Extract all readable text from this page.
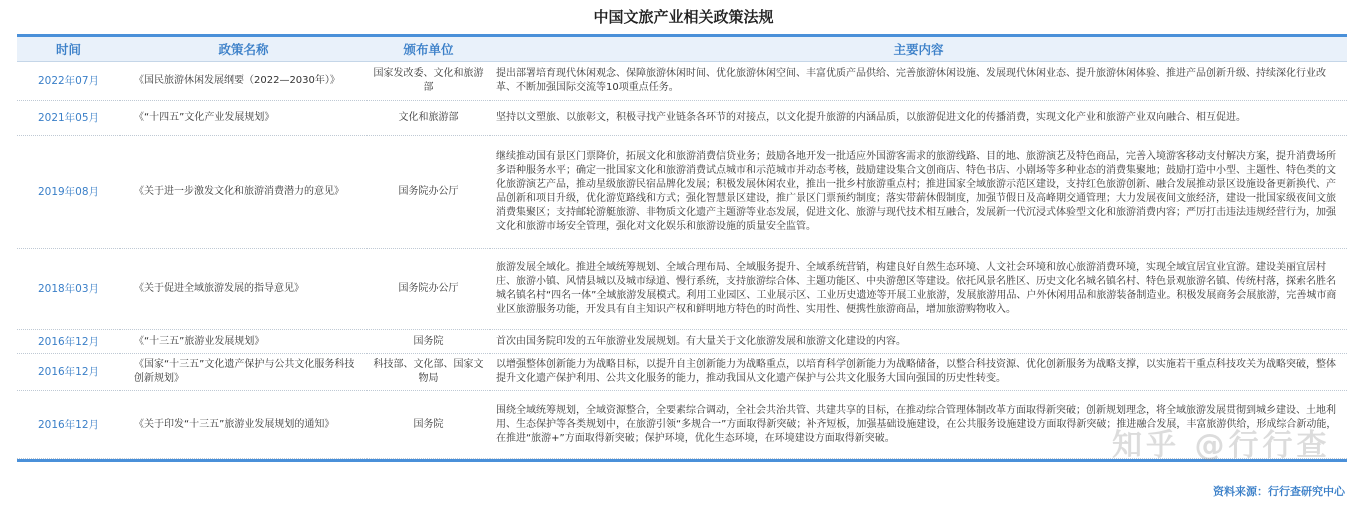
中国文旅产业相关政策法规
时间	政策名称	颁布单位	主要内容
2022年07月	《国民旅游休闲发展纲要（2022—2030年）》	国家发改委、文化和旅游部	提出部署培育现代休闲观念、保障旅游休闲时间、优化旅游休闲空间、丰富优质产品供给、完善旅游休闲设施、发展现代休闲业态、提升旅游休闲体验、推进产品创新升级、持续深化行业改革、不断加强国际交流等10项重点任务。
2021年05月	《“十四五”文化产业发展规划》	文化和旅游部	坚持以文塑旅、以旅彰文，积极寻找产业链条各环节的对接点，以文化提升旅游的内涵品质，以旅游促进文化的传播消费，实现文化产业和旅游产业双向融合、相互促进。
2019年08月	《关于进一步激发文化和旅游消费潜力的意见》	国务院办公厅	继续推动国有景区门票降价，拓展文化和旅游消费信贷业务；鼓励各地开发一批适应外国游客需求的旅游线路、目的地、旅游演艺及特色商品，完善入境游客移动支付解决方案，提升消费场所多语种服务水平；确定一批国家文化和旅游消费试点城市和示范城市并动态考核，鼓励建设集合文创商店、特色书店、小剧场等多种业态的消费集聚地；鼓励打造中小型、主题性、特色类的文化旅游演艺产品，推动星级旅游民宿品牌化发展；积极发展休闲农业，推出一批乡村旅游重点村；推进国家全域旅游示范区建设，支持红色旅游创新、融合发展推动景区设施设备更新换代、产品创新和项目升级，优化游览路线和方式；强化智慧景区建设，推广景区门票预约制度；落实带薪休假制度，加强节假日及高峰期交通管理；大力发展夜间文旅经济，建设一批国家级夜间文旅消费集聚区；支持邮轮游艇旅游、非物质文化遗产主题游等业态发展，促进文化、旅游与现代技术相互融合，发展新一代沉浸式体验型文化和旅游消费内容；严厉打击违法违规经营行为，加强文化和旅游市场安全管理，强化对文化娱乐和旅游设施的质量安全监管。
2018年03月	《关于促进全域旅游发展的指导意见》	国务院办公厅	旅游发展全域化。推进全域统筹规划、全域合理布局、全域服务提升、全域系统营销，构建良好自然生态环境、人文社会环境和放心旅游消费环境，实现全域宜居宜业宜游。建设美丽宜居村庄、旅游小镇、风情县城以及城市绿道、慢行系统，支持旅游综合体、主题功能区、中央游憩区等建设。依托风景名胜区、历史文化名城名镇名村、特色景观旅游名镇、传统村落，探索名胜名城名镇名村“四名一体”全域旅游发展模式。利用工业园区、工业展示区、工业历史遗迹等开展工业旅游，发展旅游用品、户外休闲用品和旅游装备制造业。积极发展商务会展旅游，完善城市商业区旅游服务功能，开发具有自主知识产权和鲜明地方特色的时尚性、实用性、便携性旅游商品，增加旅游购物收入。
2016年12月	《“十三五”旅游业发展规划》	国务院	首次由国务院印发的五年旅游业发展规划。有大量关于文化旅游发展和旅游文化建设的内容。
2016年12月	《国家“十三五”文化遗产保护与公共文化服务科技创新规划》	科技部、文化部、国家文物局	以增强整体创新能力为战略目标，以提升自主创新能力为战略重点，以培育科学创新能力为战略储备，以整合科技资源、优化创新服务为战略支撑，以实施若干重点科技攻关为战略突破，整体提升文化遗产保护利用、公共文化服务的能力，推动我国从文化遗产保护与公共文化服务大国向强国的历史性转变。
2016年12月	《关于印发“十三五”旅游业发展规划的通知》	国务院	围绕全域统筹规划，全域资源整合，全要素综合调动，全社会共治共管、共建共享的目标，在推动综合管理体制改革方面取得新突破；创新规划理念，将全域旅游发展贯彻到城乡建设、土地利用、生态保护等各类规划中，在旅游引领“多规合一”方面取得新突破；补齐短板，加强基础设施建设，在公共服务设施建设方面取得新突破；推进融合发展，丰富旅游供给，形成综合新动能，在推进“旅游+”方面取得新突破；保护环境，优化生态环境，在环境建设方面取得新突破。	知乎 @行行查
资料来源：行行查研究中心
